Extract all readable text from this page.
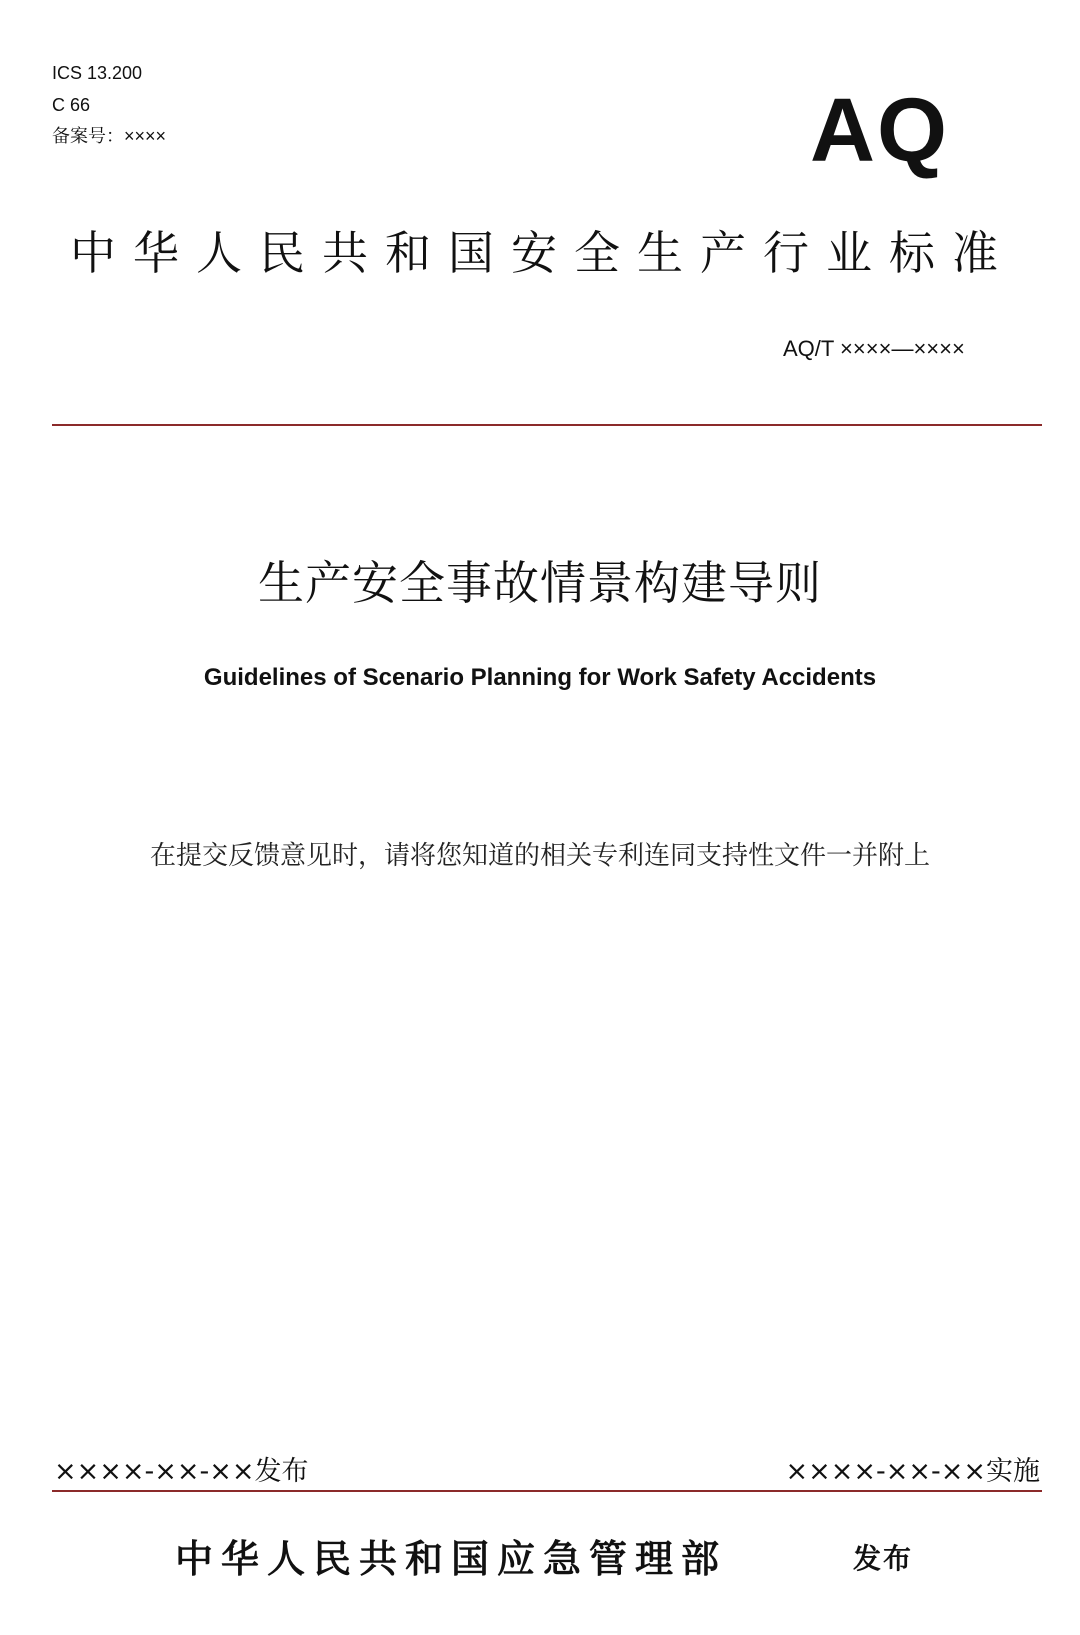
ICS 13.200
C 66
备案号：××××	AQ
中华人民共和国安全生产行业标准
AQ/T ××××—××××
生产安全事故情景构建导则
Guidelines of Scenario Planning for Work Safety Accidents
在提交反馈意见时，请将您知道的相关专利连同支持性文件一并附上
××××-××-××发布	××××-××-××实施
中华人民共和国应急管理部	发布
